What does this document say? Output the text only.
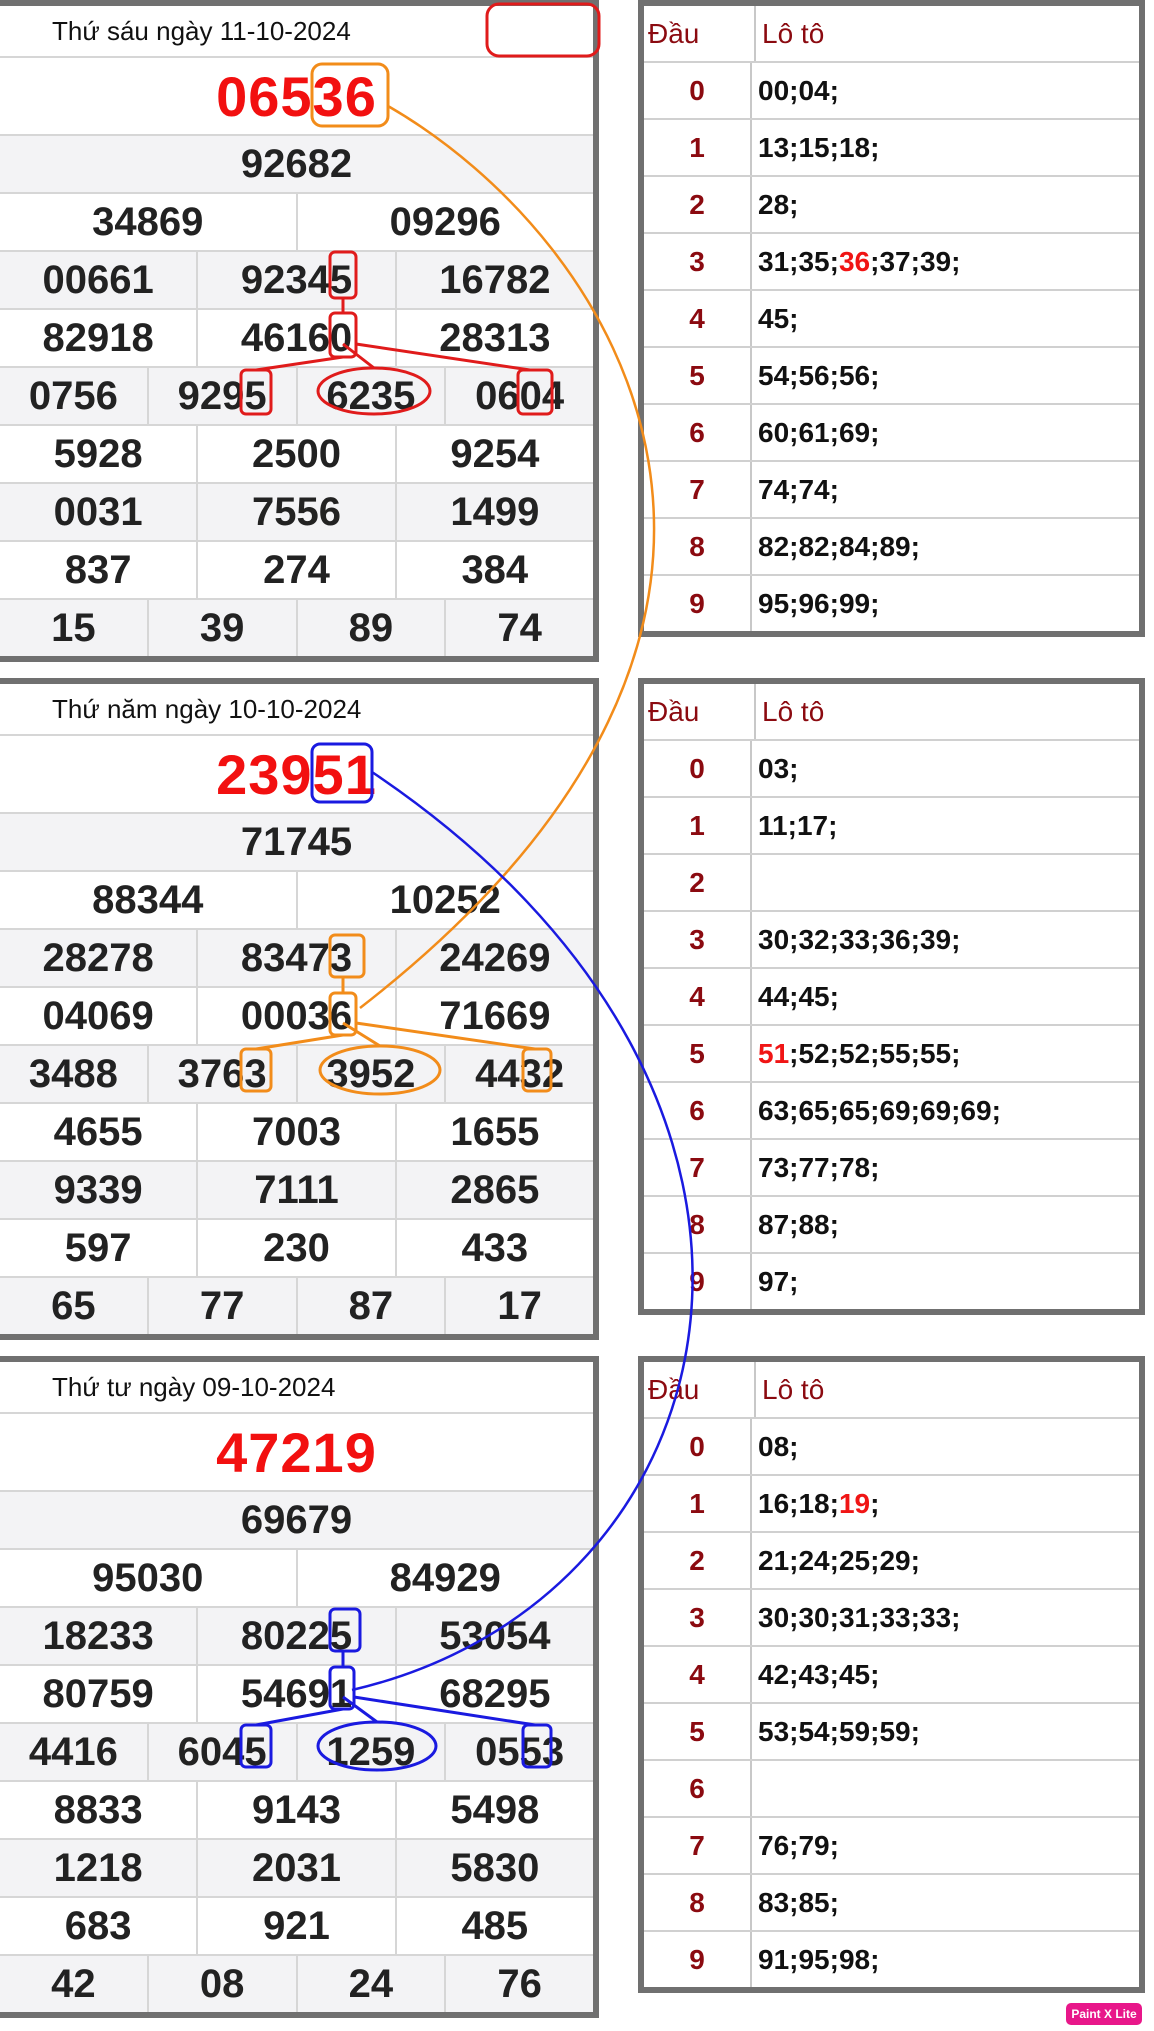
Thứ sáu ngày 11-10-2024
06536
92682
34869	09296
00661	92345	16782
82918	46160	28313
0756	9295	6235	0604
5928	2500	9254
0031	7556	1499
837	274	384
15	39	89	74
Đầu	Lô tô
0	00 ; 04 ;
1	13 ; 15 ; 18 ;
2	28 ;
3	31 ; 35 ; 36 ; 37 ; 39 ;
4	45 ;
5	54 ; 56 ; 56 ;
6	60 ; 61 ; 69 ;
7	74 ; 74 ;
8	82 ; 82 ; 84 ; 89 ;
9	95 ; 96 ; 99 ;
Thứ năm ngày 10-10-2024
23951
71745
88344	10252
28278	83473	24269
04069	00036	71669
3488	3763	3952	4432
4655	7003	1655
9339	7111	2865
597	230	433
65	77	87	17
Đầu	Lô tô
0	03 ;
1	11 ; 17 ;
2
3	30 ; 32 ; 33 ; 36 ; 39 ;
4	44 ; 45 ;
5	51 ; 52 ; 52 ; 55 ; 55 ;
6	63 ; 65 ; 65 ; 69 ; 69 ; 69 ;
7	73 ; 77 ; 78 ;
8	87 ; 88 ;
9	97 ;
Thứ tư ngày 09-10-2024
47219
69679
95030	84929
18233	80225	53054
80759	54691	68295
4416	6045	1259	0553
8833	9143	5498
1218	2031	5830
683	921	485
42	08	24	76
Đầu	Lô tô
0	08 ;
1	16 ; 18 ; 19 ;
2	21 ; 24 ; 25 ; 29 ;
3	30 ; 30 ; 31 ; 33 ; 33 ;
4	42 ; 43 ; 45 ;
5	53 ; 54 ; 59 ; 59 ;
6
7	76 ; 79 ;
8	83 ; 85 ;
9	91 ; 95 ; 98 ;
Paint X Lite
